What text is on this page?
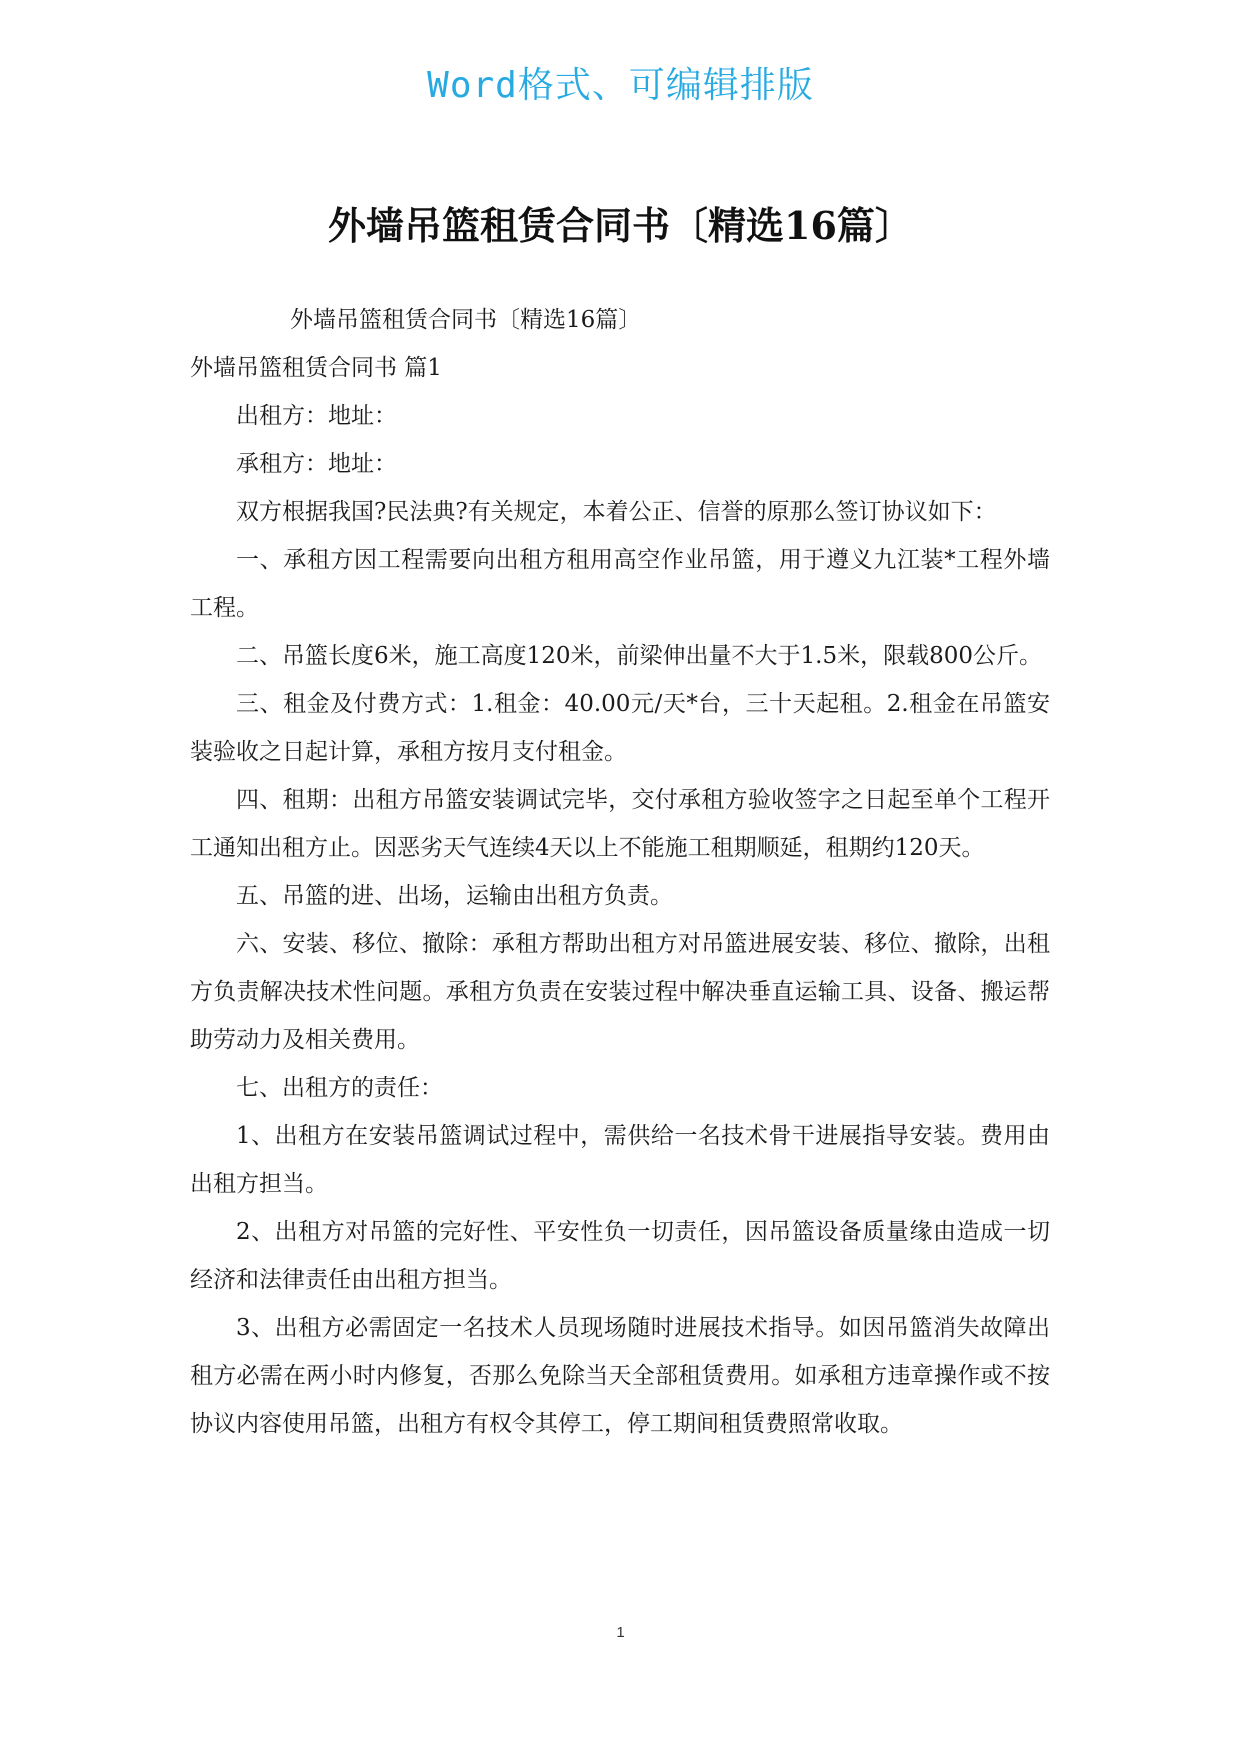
Word格式、可编辑排版
外墙吊篮租赁合同书〔精选16篇〕

外墙吊篮租赁合同书〔精选16篇〕

外墙吊篮租赁合同书 篇1

出租方：地址：

承租方：地址：

双方根据我国?民法典?有关规定，本着公正、信誉的原那么签订协议如下：

一、承租方因工程需要向出租方租用高空作业吊篮，用于遵义九江装*工程外墙工程。

二、吊篮长度6米，施工高度120米，前梁伸出量不大于1.5米，限载800公斤。

三、租金及付费方式：1.租金：40.00元/天*台，三十天起租。2.租金在吊篮安装验收之日起计算，承租方按月支付租金。

四、租期：出租方吊篮安装调试完毕，交付承租方验收签字之日起至单个工程开工通知出租方止。因恶劣天气连续4天以上不能施工租期顺延，租期约120天。

五、吊篮的进、出场，运输由出租方负责。

六、安装、移位、撤除：承租方帮助出租方对吊篮进展安装、移位、撤除，出租方负责解决技术性问题。承租方负责在安装过程中解决垂直运输工具、设备、搬运帮助劳动力及相关费用。

七、出租方的责任：

1、出租方在安装吊篮调试过程中，需供给一名技术骨干进展指导安装。费用由出租方担当。

2、出租方对吊篮的完好性、平安性负一切责任，因吊篮设备质量缘由造成一切经济和法律责任由出租方担当。

3、出租方必需固定一名技术人员现场随时进展技术指导。如因吊篮消失故障出租方必需在两小时内修复，否那么免除当天全部租赁费用。如承租方违章操作或不按协议内容使用吊篮，出租方有权令其停工，停工期间租赁费照常收取。

1
